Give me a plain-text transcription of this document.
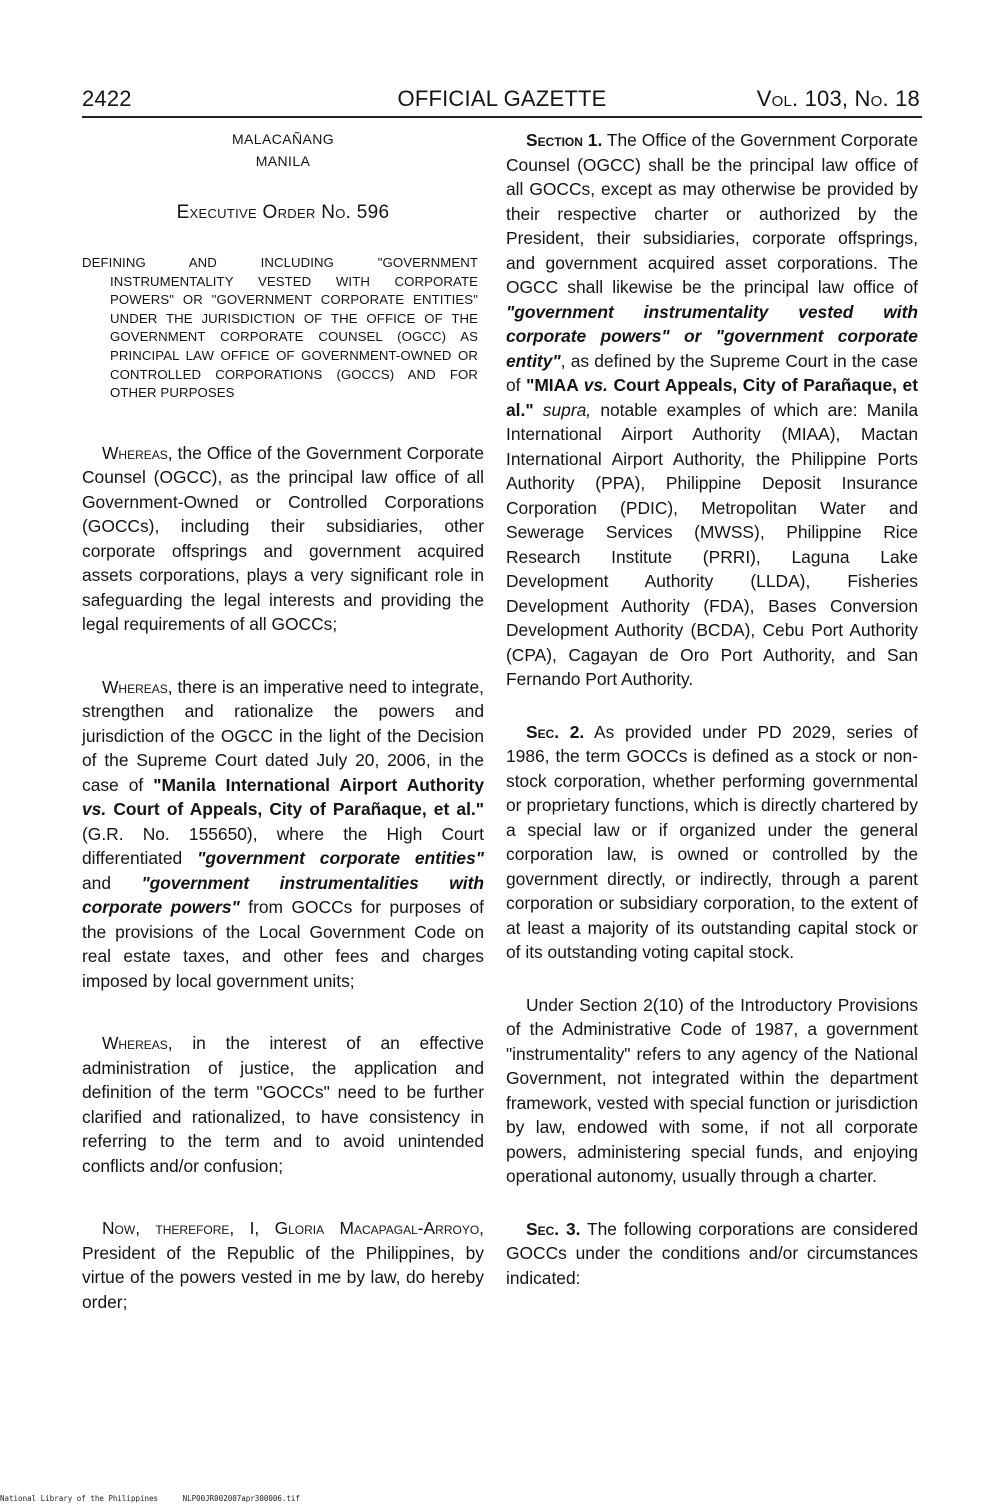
2422	OFFICIAL GAZETTE	Vol. 103, No. 18
MALACAÑANG
MANILA
Executive Order No. 596

DEFINING AND INCLUDING "GOVERNMENT INSTRUMENTALITY VESTED WITH CORPORATE POWERS" OR "GOVERNMENT CORPORATE ENTITIES" UNDER THE JURISDICTION OF THE OFFICE OF THE GOVERNMENT CORPORATE COUNSEL (OGCC) AS PRINCIPAL LAW OFFICE OF GOVERNMENT-OWNED OR CONTROLLED CORPORATIONS (GOCCS) AND FOR OTHER PURPOSES

Whereas, the Office of the Government Corporate Counsel (OGCC), as the principal law office of all Government-Owned or Controlled Corporations (GOCCs), including their subsidiaries, other corporate offsprings and government acquired assets corporations, plays a very significant role in safeguarding the legal interests and providing the legal requirements of all GOCCs;

Whereas, there is an imperative need to integrate, strengthen and rationalize the powers and jurisdiction of the OGCC in the light of the Decision of the Supreme Court dated July 20, 2006, in the case of "Manila International Airport Authority vs. Court of Appeals, City of Parañaque, et al." (G.R. No. 155650), where the High Court differentiated "government corporate entities" and "government instrumentalities with corporate powers" from GOCCs for purposes of the provisions of the Local Government Code on real estate taxes, and other fees and charges imposed by local government units;

Whereas, in the interest of an effective administration of justice, the application and definition of the term "GOCCs" need to be further clarified and rationalized, to have consistency in referring to the term and to avoid unintended conflicts and/or confusion;

Now, therefore, I, Gloria Macapagal-Arroyo, President of the Republic of the Philippines, by virtue of the powers vested in me by law, do hereby order;

Section 1. The Office of the Government Corporate Counsel (OGCC) shall be the principal law office of all GOCCs, except as may otherwise be provided by their respective charter or authorized by the President, their subsidiaries, corporate offsprings, and government acquired asset corporations. The OGCC shall likewise be the principal law office of "government instrumentality vested with corporate powers" or "government corporate entity", as defined by the Supreme Court in the case of "MIAA vs. Court Appeals, City of Parañaque, et al." supra, notable examples of which are: Manila International Airport Authority (MIAA), Mactan International Airport Authority, the Philippine Ports Authority (PPA), Philippine Deposit Insurance Corporation (PDIC), Metropolitan Water and Sewerage Services (MWSS), Philippine Rice Research Institute (PRRI), Laguna Lake Development Authority (LLDA), Fisheries Development Authority (FDA), Bases Conversion Development Authority (BCDA), Cebu Port Authority (CPA), Cagayan de Oro Port Authority, and San Fernando Port Authority.

Sec. 2. As provided under PD 2029, series of 1986, the term GOCCs is defined as a stock or non-stock corporation, whether performing governmental or proprietary functions, which is directly chartered by a special law or if organized under the general corporation law, is owned or controlled by the government directly, or indirectly, through a parent corporation or subsidiary corporation, to the extent of at least a majority of its outstanding capital stock or of its outstanding voting capital stock.

Under Section 2(10) of the Introductory Provisions of the Administrative Code of 1987, a government "instrumentality" refers to any agency of the National Government, not integrated within the department framework, vested with special function or jurisdiction by law, endowed with some, if not all corporate powers, administering special funds, and enjoying operational autonomy, usually through a charter.

Sec. 3. The following corporations are considered GOCCs under the conditions and/or circumstances indicated:

National Library of the Philippines	NLP00JR002007apr300006.tif
